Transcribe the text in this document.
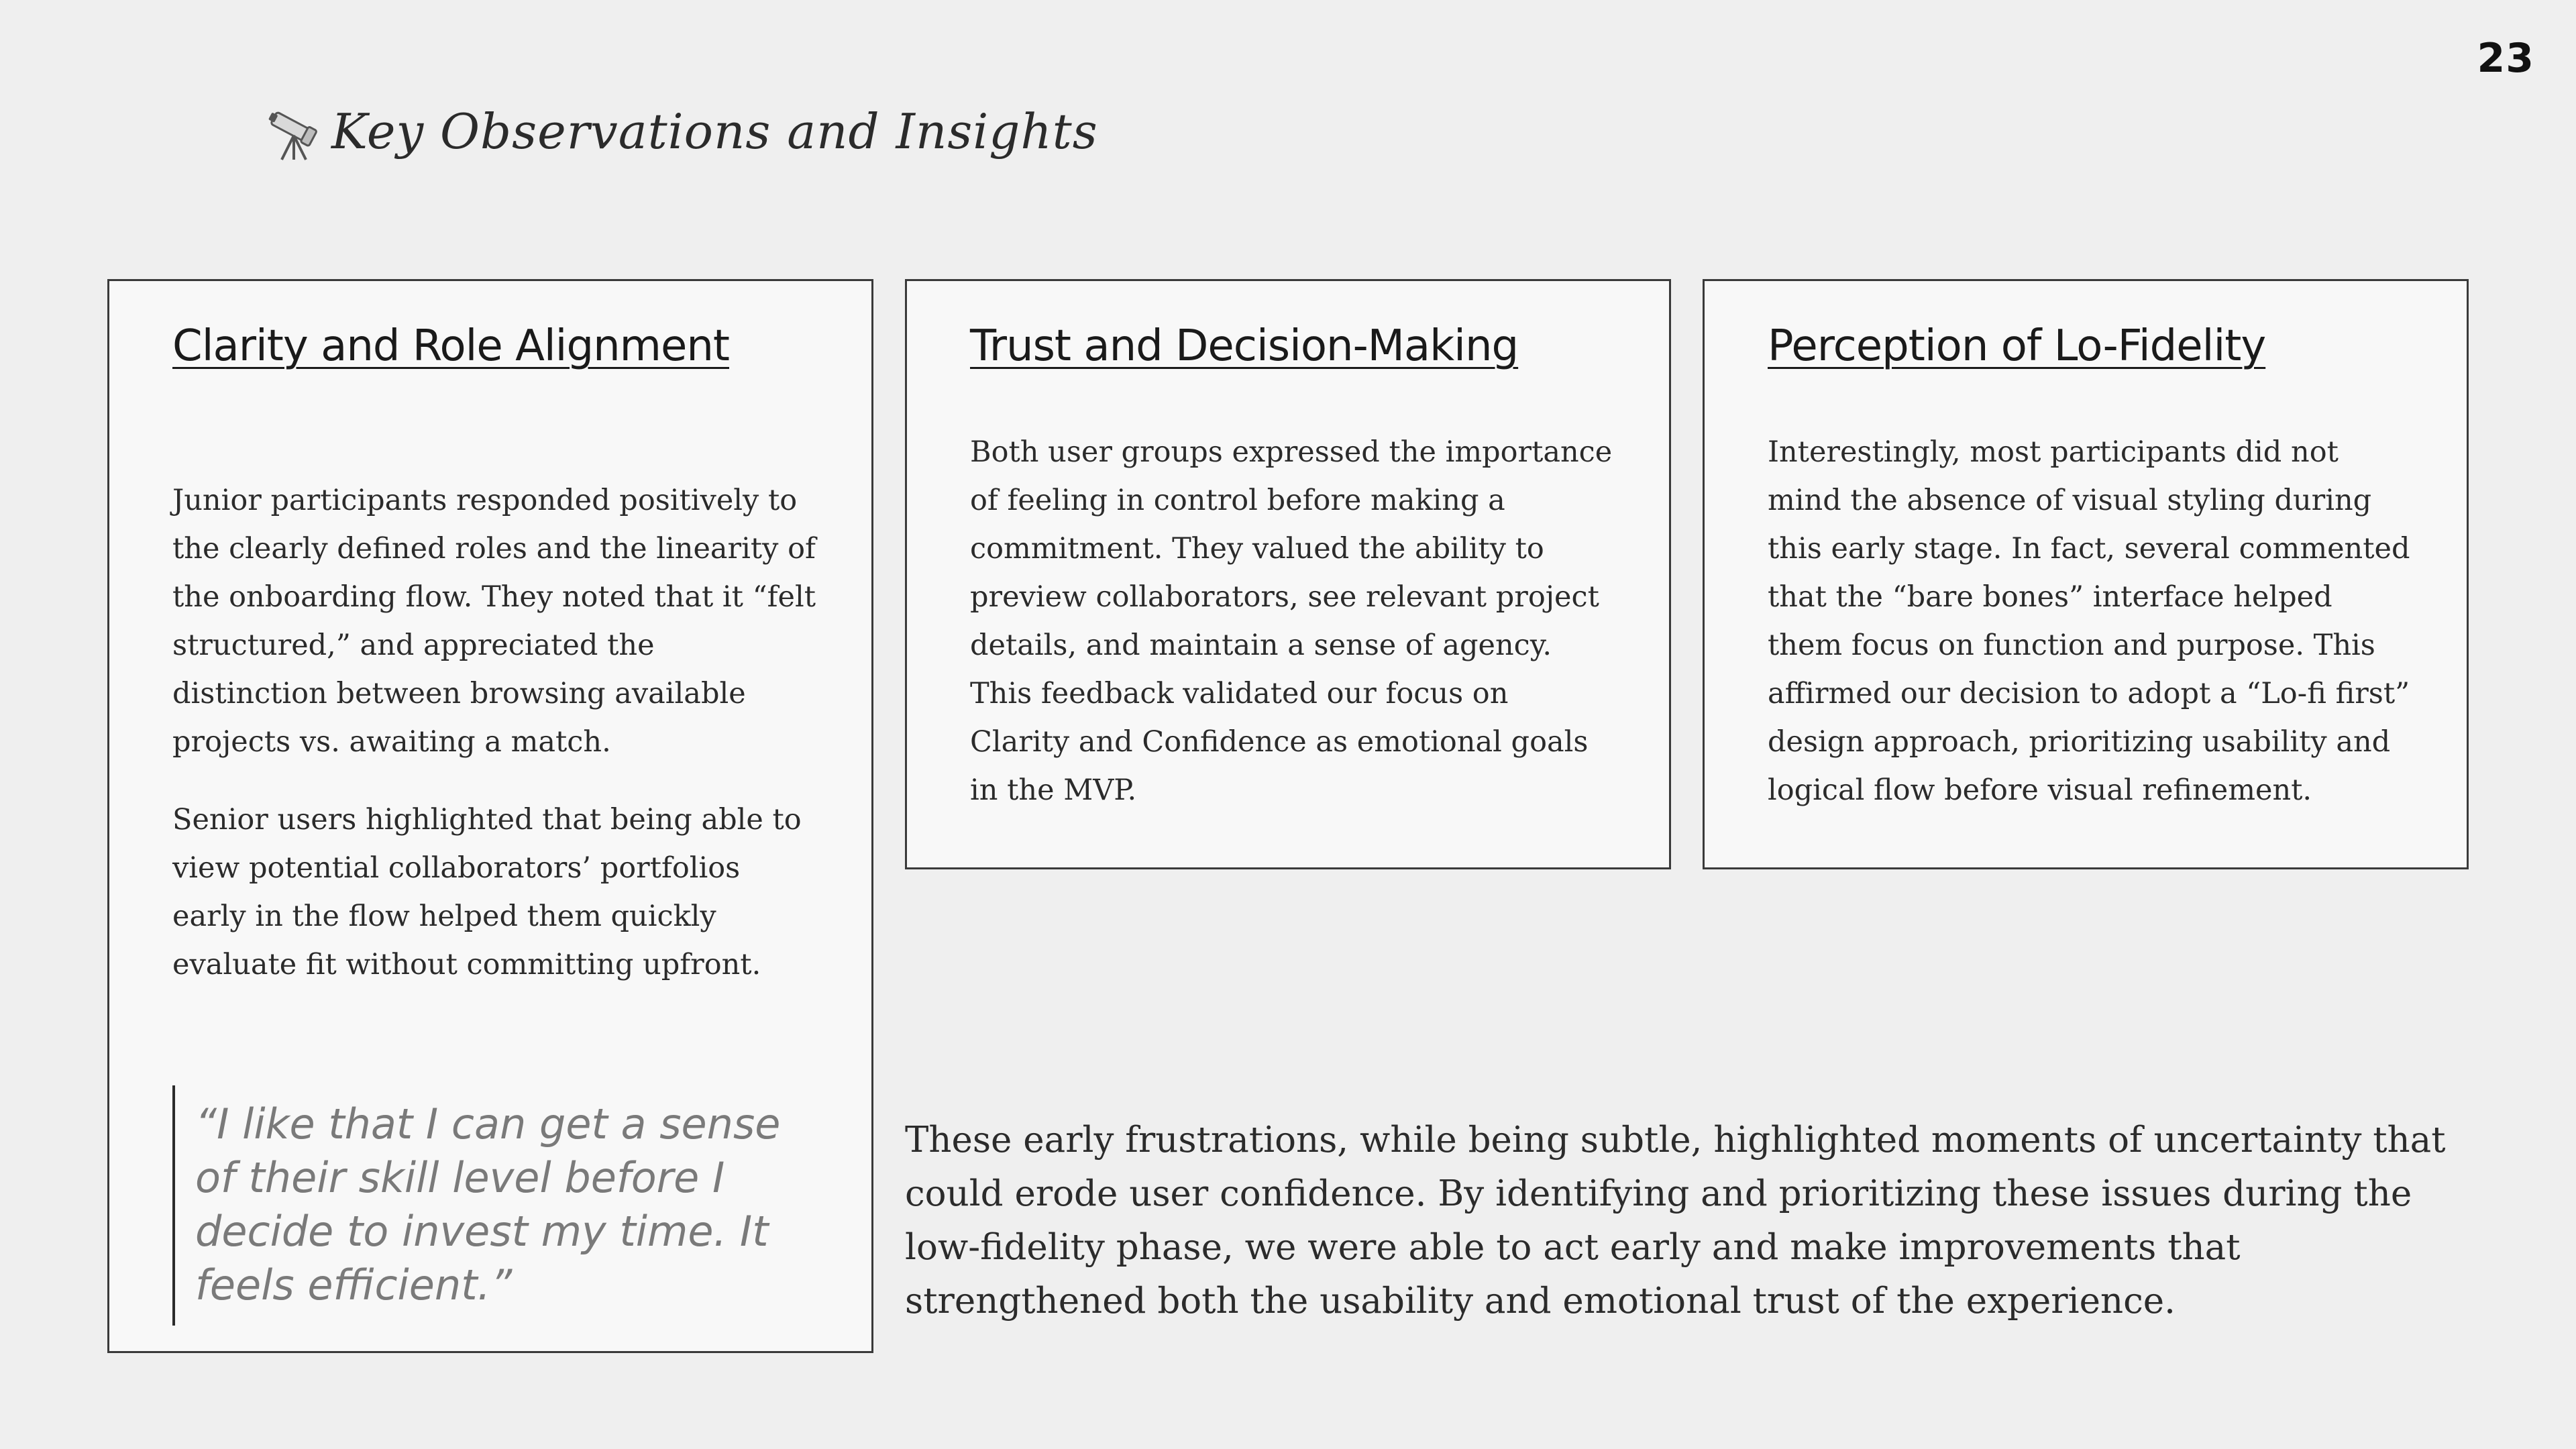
23
Key Observations and Insights
Clarity and Role Alignment

Junior participants responded positively to the clearly defined roles and the linearity of the onboarding flow. They noted that it “felt structured,” and appreciated the distinction between browsing available projects vs. awaiting a match.

Senior users highlighted that being able to view potential collaborators’ portfolios early in the flow helped them quickly evaluate fit without committing upfront.

“I like that I can get a sense of their skill level before I decide to invest my time. It feels efficient.”
Trust and Decision-Making

Both user groups expressed the importance of feeling in control before making a commitment. They valued the ability to preview collaborators, see relevant project details, and maintain a sense of agency. This feedback validated our focus on Clarity and Confidence as emotional goals in the MVP.

Perception of Lo-Fidelity

Interestingly, most participants did not mind the absence of visual styling during this early stage. In fact, several commented that the “bare bones” interface helped them focus on function and purpose. This affirmed our decision to adopt a “Lo-fi first” design approach, prioritizing usability and logical flow before visual refinement.

These early frustrations, while being subtle, highlighted moments of uncertainty that could erode user confidence. By identifying and prioritizing these issues during the low-fidelity phase, we were able to act early and make improvements that strengthened both the usability and emotional trust of the experience.
